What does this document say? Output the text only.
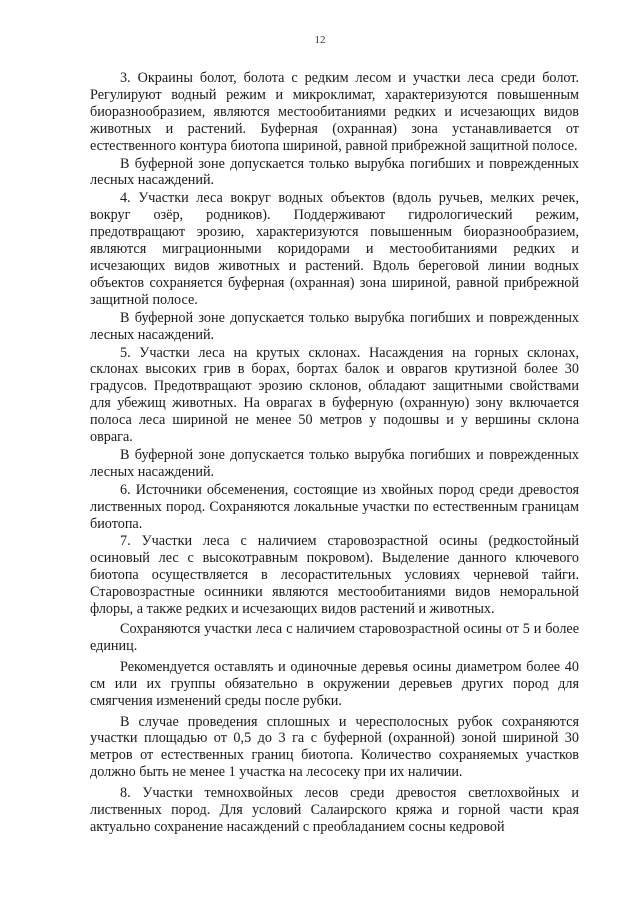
12

3. Окраины болот, болота с редким лесом и участки леса среди болот. Регулируют водный режим и микроклимат, характеризуются повышенным биоразнообразием, являются местообитаниями редких и исчезающих видов животных и растений. Буферная (охранная) зона устанавливается от естественного контура биотопа шириной, равной прибрежной защитной полосе.

В буферной зоне допускается только вырубка погибших и поврежденных лесных насаждений.

4. Участки леса вокруг водных объектов (вдоль ручьев, мелких речек, вокруг озёр, родников). Поддерживают гидрологический режим, предотвращают эрозию, характеризуются повышенным биоразнообразием, являются миграционными коридорами и местообитаниями редких и исчезающих видов животных и растений. Вдоль береговой линии водных объектов сохраняется буферная (охранная) зона шириной, равной прибрежной защитной полосе.

В буферной зоне допускается только вырубка погибших и поврежденных лесных насаждений.

5. Участки леса на крутых склонах. Насаждения на горных склонах, склонах высоких грив в борах, бортах балок и оврагов крутизной более 30 градусов. Предотвращают эрозию склонов, обладают защитными свойствами для убежищ животных. На оврагах в буферную (охранную) зону включается полоса леса шириной не менее 50 метров у подошвы и у вершины склона оврага.

В буферной зоне допускается только вырубка погибших и поврежденных лесных насаждений.

6. Источники обсеменения, состоящие из хвойных пород среди древостоя лиственных пород. Сохраняются локальные участки по естественным границам биотопа.

7. Участки леса с наличием старовозрастной осины (редкостойный осиновый лес с высокотравным покровом). Выделение данного ключевого биотопа осуществляется в лесорастительных условиях черневой тайги. Старовозрастные осинники являются местообитаниями видов неморальной флоры, а также редких и исчезающих видов растений и животных.

Сохраняются участки леса с наличием старовозрастной осины от 5 и более единиц.

Рекомендуется оставлять и одиночные деревья осины диаметром более 40 см или их группы обязательно в окружении деревьев других пород для смягчения изменений среды после рубки.

В случае проведения сплошных и чересполосных рубок сохраняются участки площадью от 0,5 до 3 га с буферной (охранной) зоной шириной 30 метров от естественных границ биотопа. Количество сохраняемых участков должно быть не менее 1 участка на лесосеку при их наличии.

8. Участки темнохвойных лесов среди древостоя светлохвойных и лиственных пород. Для условий Салаирского кряжа и горной части края актуально сохранение насаждений с преобладанием сосны кедровой
